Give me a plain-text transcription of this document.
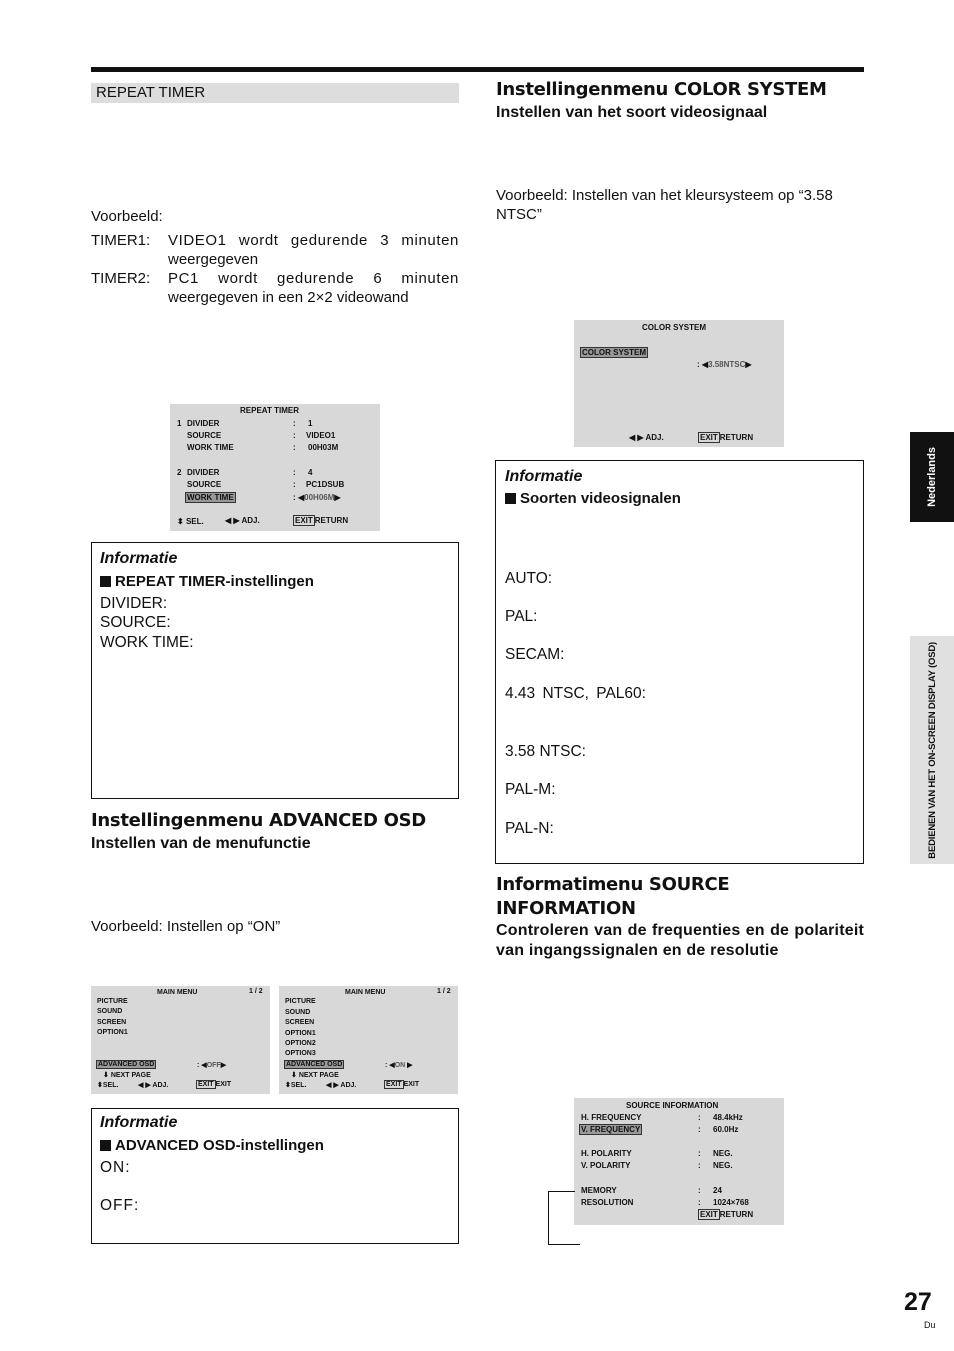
REPEAT TIMER
Voorbeeld:
TIMER1:	VIDEO1 wordt gedurende 3 minuten
weergegeven
TIMER2:	PC1 wordt gedurende 6 minuten
weergegeven in een 2×2 videowand
REPEAT TIMER
1 DIVIDER	: 1
SOURCE	: VIDEO1
WORK TIME	: 00H03M
2 DIVIDER	: 4
SOURCE	: PC1DSUB
WORK TIME	: ◀00H06M▶
⬍ SEL.	◀ ▶ ADJ.	EXIT RETURN
Informatie
REPEAT TIMER-instellingen
DIVIDER:
SOURCE:
WORK TIME:
Instellingenmenu ADVANCED OSD
Instellen van de menufunctie
Voorbeeld: Instellen op “ON”
MAIN MENU	1 / 2
PICTURE
SOUND
SCREEN
OPTION1
ADVANCED OSD	: ◀OFF▶
⬇ NEXT PAGE
⬍SEL.	◀ ▶ ADJ.	EXIT EXIT
MAIN MENU	1 / 2
PICTURE
SOUND
SCREEN
OPTION1
OPTION2
OPTION3
ADVANCED OSD	: ◀ON ▶
⬇ NEXT PAGE
⬍SEL.	◀ ▶ ADJ.	EXIT EXIT
Informatie
ADVANCED OSD-instellingen
ON:
OFF:
Instellingenmenu COLOR SYSTEM
Instellen van het soort videosignaal
Voorbeeld: Instellen van het kleursysteem op “3.58 NTSC”
COLOR SYSTEM
COLOR SYSTEM
: ◀3.58NTSC▶
◀ ▶ ADJ.	EXIT RETURN
Informatie
Soorten videosignalen
AUTO:
PAL:
SECAM:
4.43 NTSC, PAL60:
3.58 NTSC:
PAL-M:
PAL-N:
Informatimenu SOURCE
INFORMATION
Controleren van de frequenties en de polariteit van ingangssignalen en de resolutie
SOURCE INFORMATION
H. FREQUENCY	: 48.4kHz
V. FREQUENCY	: 60.0Hz
H. POLARITY	: NEG.
V. POLARITY	: NEG.
MEMORY	: 24
RESOLUTION	: 1024×768
EXIT RETURN
Nederlands
BEDIENEN VAN HET ON-SCREEN DISPLAY (OSD)
27
Du
